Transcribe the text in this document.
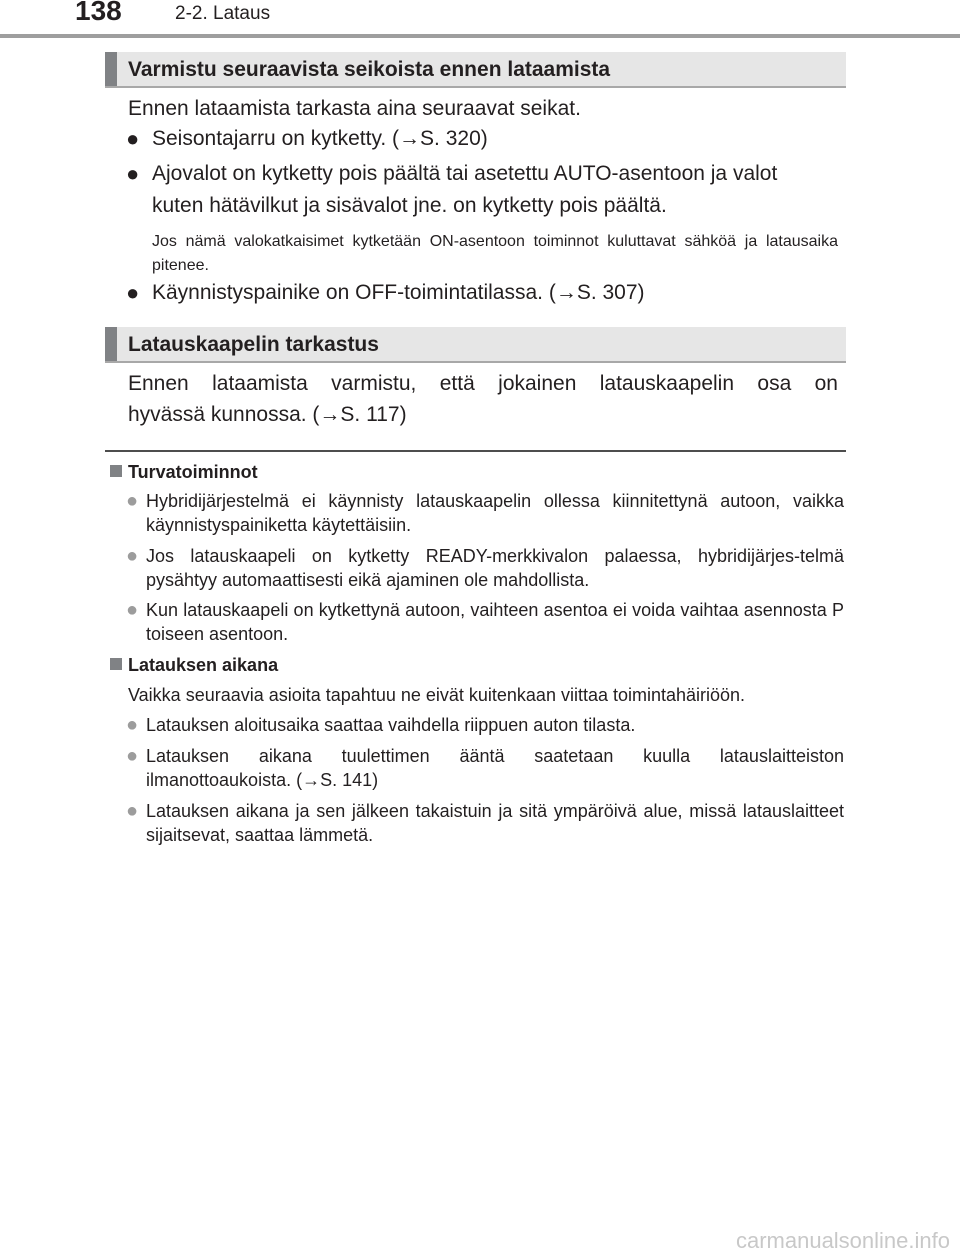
138	2-2. Lataus
Varmistu seuraavista seikoista ennen lataamista
Ennen lataamista tarkasta aina seuraavat seikat.
● Seisontajarru on kytketty. (→S. 320)
● Ajovalot on kytketty pois päältä tai asetettu AUTO-asentoon ja valot
kuten hätävilkut ja sisävalot jne. on kytketty pois päältä.
Jos nämä valokatkaisimet kytketään ON-asentoon toiminnot kuluttavat sähköä ja latausaika pitenee.
● Käynnistyspainike on OFF-toimintatilassa. (→S. 307)
Latauskaapelin tarkastus
Ennen lataamista varmistu, että jokainen latauskaapelin osa on
hyvässä kunnossa. (→S. 117)
Turvatoiminnot
● Hybridijärjestelmä ei käynnisty latauskaapelin ollessa kiinnitettynä autoon, vaikka käynnistyspainiketta käytettäisiin.
● Jos latauskaapeli on kytketty READY-merkkivalon palaessa, hybridijärjes-telmä pysähtyy automaattisesti eikä ajaminen ole mahdollista.
● Kun latauskaapeli on kytkettynä autoon, vaihteen asentoa ei voida vaihtaa asennosta P toiseen asentoon.
Latauksen aikana
Vaikka seuraavia asioita tapahtuu ne eivät kuitenkaan viittaa toimintahäiriöön.
● Latauksen aloitusaika saattaa vaihdella riippuen auton tilasta.
● Latauksen aikana tuulettimen ääntä saatetaan kuulla latauslaitteiston ilmanottoaukoista. (→S. 141)
● Latauksen aikana ja sen jälkeen takaistuin ja sitä ympäröivä alue, missä latauslaitteet sijaitsevat, saattaa lämmetä.
carmanualsonline.info
